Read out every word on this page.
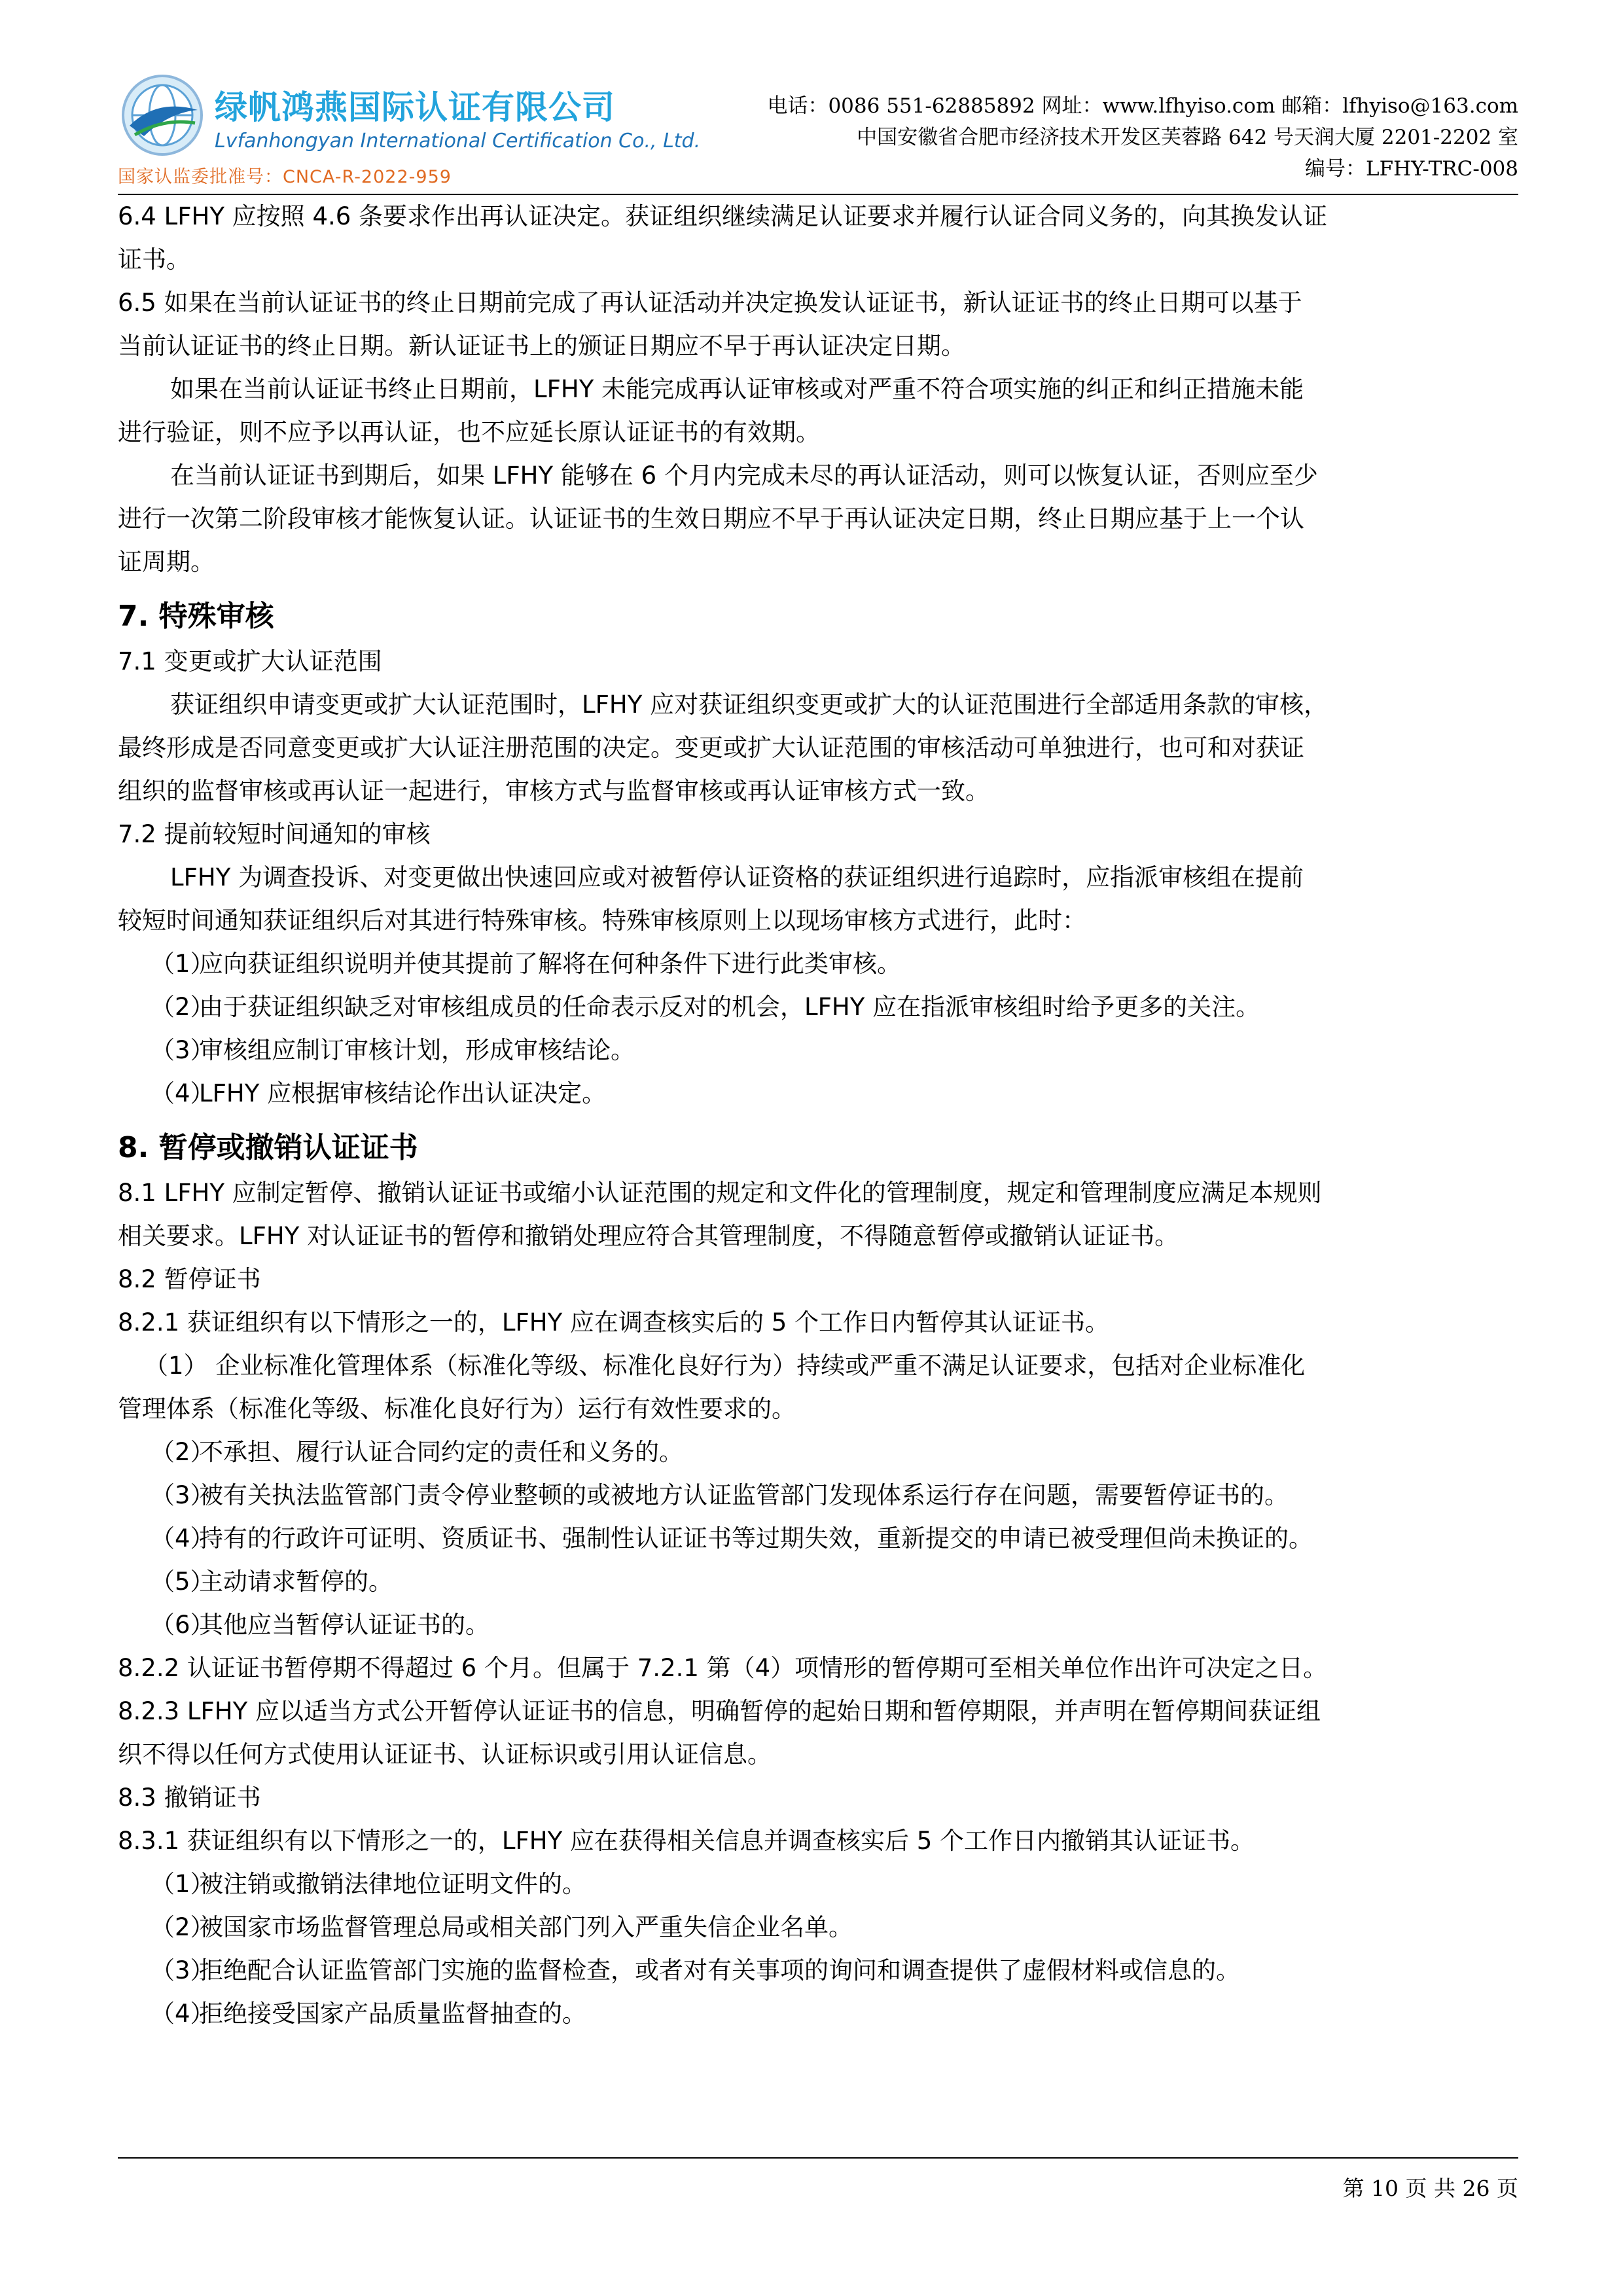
绿帆鸿燕国际认证有限公司
Lvfanhongyan International Certification Co., Ltd.
国家认监委批准号：CNCA-R-2022-959
电话：0086 551-62885892 网址：www.lfhyiso.com 邮箱：lfhyiso@163.com
中国安徽省合肥市经济技术开发区芙蓉路 642 号天润大厦 2201-2202 室
编号：LFHY-TRC-008
6.4 LFHY 应按照 4.6 条要求作出再认证决定。获证组织继续满足认证要求并履行认证合同义务的，向其换发认证
证书。
6.5 如果在当前认证证书的终止日期前完成了再认证活动并决定换发认证证书，新认证证书的终止日期可以基于
当前认证证书的终止日期。新认证证书上的颁证日期应不早于再认证决定日期。
如果在当前认证证书终止日期前，LFHY 未能完成再认证审核或对严重不符合项实施的纠正和纠正措施未能
进行验证，则不应予以再认证，也不应延长原认证证书的有效期。
在当前认证证书到期后，如果 LFHY 能够在 6 个月内完成未尽的再认证活动，则可以恢复认证，否则应至少
进行一次第二阶段审核才能恢复认证。认证证书的生效日期应不早于再认证决定日期，终止日期应基于上一个认
证周期。
7. 特殊审核
7.1 变更或扩大认证范围
获证组织申请变更或扩大认证范围时，LFHY 应对获证组织变更或扩大的认证范围进行全部适用条款的审核，
最终形成是否同意变更或扩大认证注册范围的决定。变更或扩大认证范围的审核活动可单独进行，也可和对获证
组织的监督审核或再认证一起进行，审核方式与监督审核或再认证审核方式一致。
7.2 提前较短时间通知的审核
LFHY 为调查投诉、对变更做出快速回应或对被暂停认证资格的获证组织进行追踪时，应指派审核组在提前
较短时间通知获证组织后对其进行特殊审核。特殊审核原则上以现场审核方式进行，此时：
（1）
应向获证组织说明并使其提前了解将在何种条件下进行此类审核。
（2）
由于获证组织缺乏对审核组成员的任命表示反对的机会，LFHY 应在指派审核组时给予更多的关注。
（3）
审核组应制订审核计划，形成审核结论。
（4）
LFHY 应根据审核结论作出认证决定。
8. 暂停或撤销认证证书
8.1 LFHY 应制定暂停、撤销认证证书或缩小认证范围的规定和文件化的管理制度，规定和管理制度应满足本规则
相关要求。LFHY 对认证证书的暂停和撤销处理应符合其管理制度，不得随意暂停或撤销认证证书。
8.2 暂停证书
8.2.1 获证组织有以下情形之一的，LFHY 应在调查核实后的 5 个工作日内暂停其认证证书。
（1） 企业标准化管理体系（标准化等级、标准化良好行为）持续或严重不满足认证要求，包括对企业标准化
管理体系（标准化等级、标准化良好行为）运行有效性要求的。
（2）
不承担、履行认证合同约定的责任和义务的。
（3）
被有关执法监管部门责令停业整顿的或被地方认证监管部门发现体系运行存在问题，需要暂停证书的。
（4）
持有的行政许可证明、资质证书、强制性认证证书等过期失效，重新提交的申请已被受理但尚未换证的。
（5）
主动请求暂停的。
（6）
其他应当暂停认证证书的。
8.2.2 认证证书暂停期不得超过 6 个月。但属于 7.2.1 第（4）项情形的暂停期可至相关单位作出许可决定之日。
8.2.3 LFHY 应以适当方式公开暂停认证证书的信息，明确暂停的起始日期和暂停期限，并声明在暂停期间获证组
织不得以任何方式使用认证证书、认证标识或引用认证信息。
8.3 撤销证书
8.3.1 获证组织有以下情形之一的，LFHY 应在获得相关信息并调查核实后 5 个工作日内撤销其认证证书。
（1）
被注销或撤销法律地位证明文件的。
（2）
被国家市场监督管理总局或相关部门列入严重失信企业名单。
（3）
拒绝配合认证监管部门实施的监督检查，或者对有关事项的询问和调查提供了虚假材料或信息的。
（4）
拒绝接受国家产品质量监督抽查的。
第 10 页 共 26 页
